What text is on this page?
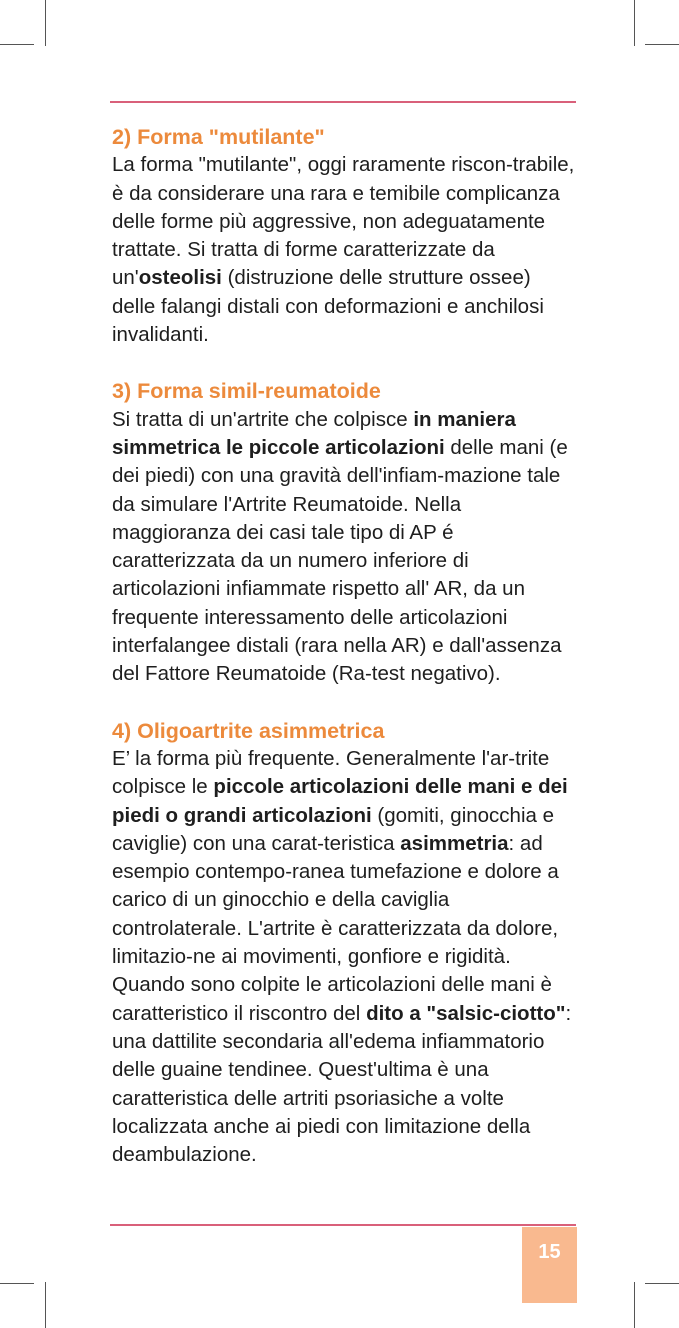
2) Forma "mutilante"

La forma "mutilante", oggi raramente riscon-trabile, è da considerare una rara e temibile complicanza delle forme più aggressive, non adeguatamente trattate. Si tratta di forme caratterizzate da un'osteolisi (distruzione delle strutture ossee) delle falangi distali con deformazioni e anchilosi invalidanti.

3) Forma simil-reumatoide

Si tratta di un'artrite che colpisce in maniera simmetrica le piccole articolazioni delle mani (e dei piedi) con una gravità dell'infiam-mazione tale da simulare l'Artrite Reumatoide. Nella maggioranza dei casi tale tipo di AP é caratterizzata da un numero inferiore di articolazioni infiammate rispetto all' AR, da un frequente interessamento delle articolazioni interfalangee distali (rara nella AR) e dall'assenza del Fattore Reumatoide (Ra-test negativo).

4) Oligoartrite asimmetrica

E’ la forma più frequente. Generalmente l'ar-trite colpisce le piccole articolazioni delle mani e dei piedi o grandi articolazioni (gomiti, ginocchia e caviglie) con una carat-teristica asimmetria: ad esempio contempo-ranea tumefazione e dolore a carico di un ginocchio e della caviglia controlaterale. L'artrite è caratterizzata da dolore, limitazio-ne ai movimenti, gonfiore e rigidità. Quando sono colpite le articolazioni delle mani è caratteristico il riscontro del dito a "salsic-ciotto": una dattilite secondaria all'edema infiammatorio delle guaine tendinee. Quest'ultima è una caratteristica delle artriti psoriasiche a volte localizzata anche ai piedi con limitazione della deambulazione.

15
